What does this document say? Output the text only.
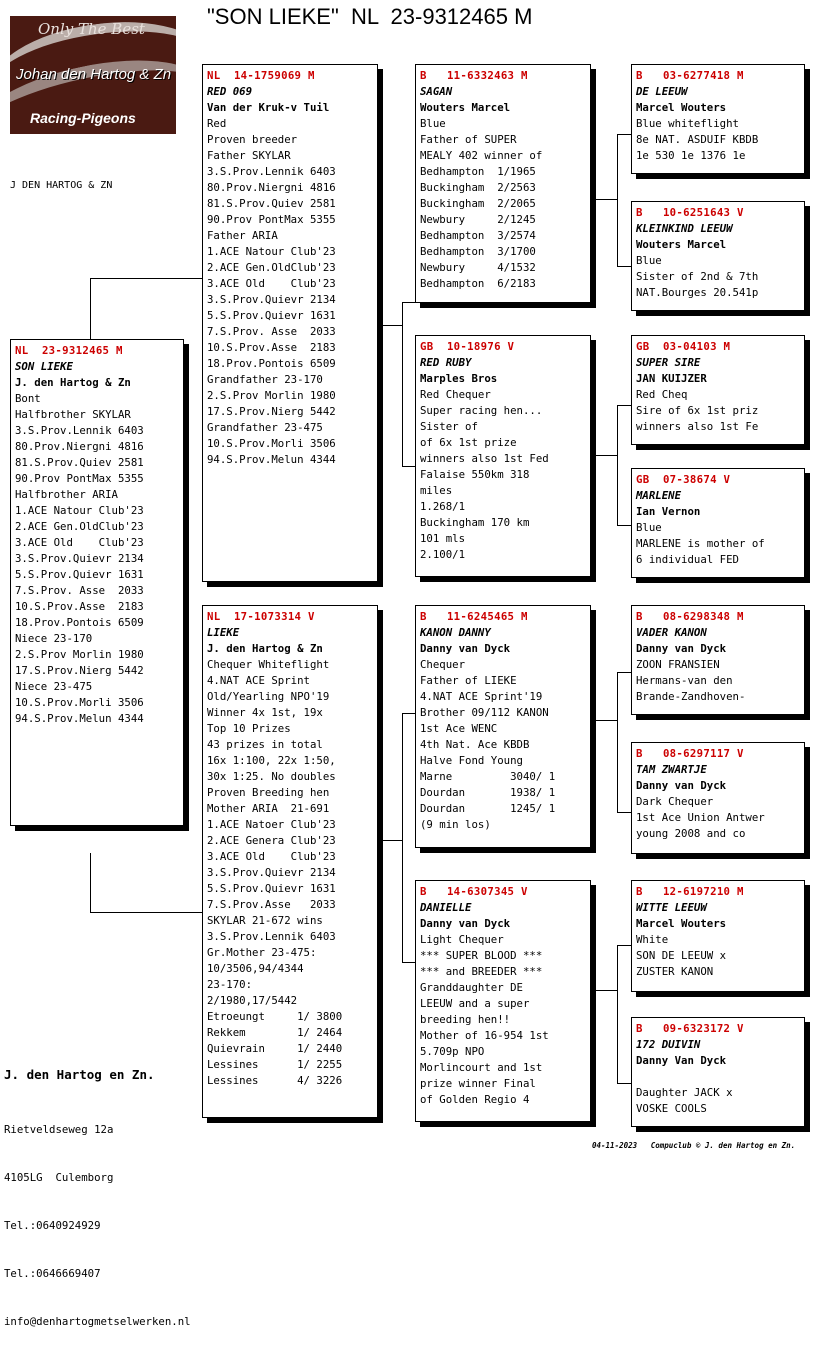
"SON LIEKE"  NL  23-9312465 M
Only The Best
Johan den Hartog & Zn
Racing-Pigeons
J DEN HARTOG & ZN
NL  23-9312465 M
SON LIEKE
J. den Hartog & Zn
Bont
Halfbrother SKYLAR
3.S.Prov.Lennik 6403
80.Prov.Niergni 4816
81.S.Prov.Quiev 2581
90.Prov PontMax 5355
Halfbrother ARIA
1.ACE Natour Club'23
2.ACE Gen.OldClub'23
3.ACE Old    Club'23
3.S.Prov.Quievr 2134
5.S.Prov.Quievr 1631
7.S.Prov. Asse  2033
10.S.Prov.Asse  2183
18.Prov.Pontois 6509
Niece 23-170
2.S.Prov Morlin 1980
17.S.Prov.Nierg 5442
Niece 23-475
10.S.Prov.Morli 3506
94.S.Prov.Melun 4344
NL  14-1759069 M
RED 069
Van der Kruk-v Tuil
Red
Proven breeder
Father SKYLAR
3.S.Prov.Lennik 6403
80.Prov.Niergni 4816
81.S.Prov.Quiev 2581
90.Prov PontMax 5355
Father ARIA
1.ACE Natour Club'23
2.ACE Gen.OldClub'23
3.ACE Old    Club'23
3.S.Prov.Quievr 2134
5.S.Prov.Quievr 1631
7.S.Prov. Asse  2033
10.S.Prov.Asse  2183
18.Prov.Pontois 6509
Grandfather 23-170
2.S.Prov Morlin 1980
17.S.Prov.Nierg 5442
Grandfather 23-475
10.S.Prov.Morli 3506
94.S.Prov.Melun 4344
NL  17-1073314 V
LIEKE
J. den Hartog & Zn
Chequer Whiteflight
4.NAT ACE Sprint
Old/Yearling NPO'19
Winner 4x 1st, 19x
Top 10 Prizes
43 prizes in total
16x 1:100, 22x 1:50,
30x 1:25. No doubles
Proven Breeding hen
Mother ARIA  21-691
1.ACE Natoer Club'23
2.ACE Genera Club'23
3.ACE Old    Club'23
3.S.Prov.Quievr 2134
5.S.Prov.Quievr 1631
7.S.Prov.Asse   2033
SKYLAR 21-672 wins
3.S.Prov.Lennik 6403
Gr.Mother 23-475:
10/3506,94/4344
23-170:
2/1980,17/5442
Etroeungt     1/ 3800
Rekkem        1/ 2464
Quievrain     1/ 2440
Lessines      1/ 2255
Lessines      4/ 3226
B   11-6332463 M
SAGAN
Wouters Marcel
Blue
Father of SUPER
MEALY 402 winner of
Bedhampton  1/1965
Buckingham  2/2563
Buckingham  2/2065
Newbury     2/1245
Bedhampton  3/2574
Bedhampton  3/1700
Newbury     4/1532
Bedhampton  6/2183
GB  10-18976 V
RED RUBY
Marples Bros
Red Chequer
Super racing hen...
Sister of
of 6x 1st prize
winners also 1st Fed
Falaise 550km 318
miles
1.268/1
Buckingham 170 km
101 mls
2.100/1
B   11-6245465 M
KANON DANNY
Danny van Dyck
Chequer
Father of LIEKE
4.NAT ACE Sprint'19
Brother 09/112 KANON
1st Ace WENC
4th Nat. Ace KBDB
Halve Fond Young
Marne         3040/ 1
Dourdan       1938/ 1
Dourdan       1245/ 1
(9 min los)
B   14-6307345 V
DANIELLE
Danny van Dyck
Light Chequer
*** SUPER BLOOD ***
*** and BREEDER ***
Granddaughter DE
LEEUW and a super
breeding hen!!
Mother of 16-954 1st
5.709p NPO
Morlincourt and 1st
prize winner Final
of Golden Regio 4
B   03-6277418 M
DE LEEUW
Marcel Wouters
Blue whiteflight
8e NAT. ASDUIF KBDB
1e 530 1e 1376 1e
B   10-6251643 V
KLEINKIND LEEUW
Wouters Marcel
Blue
Sister of 2nd & 7th
NAT.Bourges 20.541p
GB  03-04103 M
SUPER SIRE
JAN KUIJZER
Red Cheq
Sire of 6x 1st priz
winners also 1st Fe
GB  07-38674 V
MARLENE
Ian Vernon
Blue
MARLENE is mother of
6 individual FED
B   08-6298348 M
VADER KANON
Danny van Dyck
ZOON FRANSIEN
Hermans-van den
Brande-Zandhoven-
B   08-6297117 V
TAM ZWARTJE
Danny van Dyck
Dark Chequer
1st Ace Union Antwer
young 2008 and co
B   12-6197210 M
WITTE LEEUW
Marcel Wouters
White
SON DE LEEUW x
ZUSTER KANON
B   09-6323172 V
172 DUIVIN
Danny Van Dyck

Daughter JACK x
VOSKE COOLS

J. den Hartog en Zn.

Rietveldseweg 12a

4105LG  Culemborg

Tel.:0640924929

Tel.:0646669407

info@denhartogmetselwerken.nl

04-11-2023   Compuclub © J. den Hartog en Zn.
